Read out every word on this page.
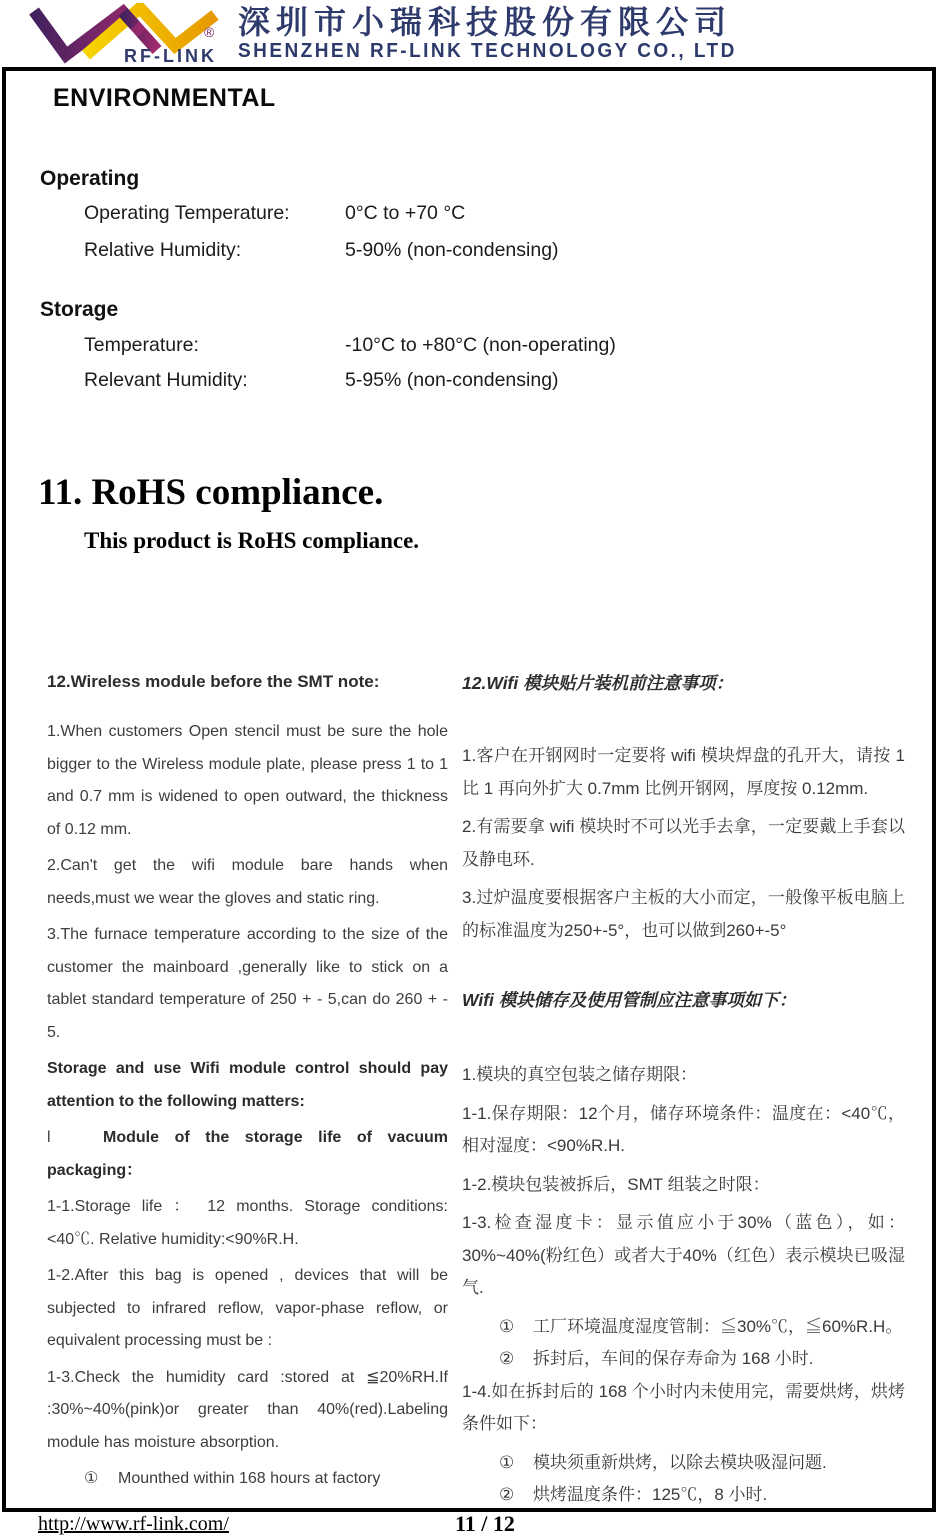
®
RF-LINK
深圳市小瑞科技股份有限公司
SHENZHEN RF-LINK TECHNOLOGY CO., LTD
ENVIRONMENTAL
Operating
Operating Temperature:	0°C to +70 °C
Relative Humidity:	5-90% (non-condensing)
Storage
Temperature:	-10°C to +80°C (non-operating)
Relevant Humidity:	5-95% (non-condensing)
11. RoHS compliance.
This product is RoHS compliance.

12.Wireless module before the SMT note:

1.When customers Open stencil must be sure the hole bigger to the Wireless module plate, please press 1 to 1 and 0.7 mm is widened to open outward, the thickness of 0.12 mm.

2.Can't get the wifi module bare hands when needs,must we wear the gloves and static ring.

3.The furnace temperature according to the size of the customer the mainboard ,generally like to stick on a tablet standard temperature of 250 + - 5,can do 260 + - 5.

Storage and use Wifi module control should pay attention to the following matters:

l	Module of the storage life of vacuum packaging：

1-1.Storage life ： 12 months. Storage conditions:<40℃. Relative humidity:<90%R.H.

1-2.After this bag is opened , devices that will be subjected to infrared reflow, vapor-phase reflow, or equivalent processing must be :

1-3.Check the humidity card :stored at ≦20%RH.If :30%~40%(pink)or greater than 40%(red).Labeling module has moisture absorption.

①	Mounthed within 168 hours at factory

12.Wifi 模块贴片装机前注意事项：

1.客户在开钢网时一定要将 wifi 模块焊盘的孔开大，请按 1 比 1 再向外扩大 0.7mm 比例开钢网，厚度按 0.12mm.

2.有需要拿 wifi 模块时不可以光手去拿，一定要戴上手套以及静电环.

3.过炉温度要根据客户主板的大小而定，一般像平板电脑上的标准温度为250+-5°，也可以做到260+-5°

Wifi 模块储存及使用管制应注意事项如下：

1.模块的真空包装之储存期限：

1-1.保存期限：12个月，储存环境条件：温度在：<40℃，相对湿度：<90%R.H.

1-2.模块包装被拆后，SMT 组装之时限：

1-3.检查湿度卡：显示值应小于30%（蓝色），如：30%~40%(粉红色）或者大于40%（红色）表示模块已吸湿气.

①	工厂环境温度湿度管制：≦30%℃，≦60%R.H。

②	拆封后，车间的保存寿命为 168 小时.

1-4.如在拆封后的 168 个小时内未使用完，需要烘烤，烘烤条件如下：

①	模块须重新烘烤，以除去模块吸湿问题.

②	烘烤温度条件：125℃，8 小时.

http://www.rf-link.com/	11 / 12
